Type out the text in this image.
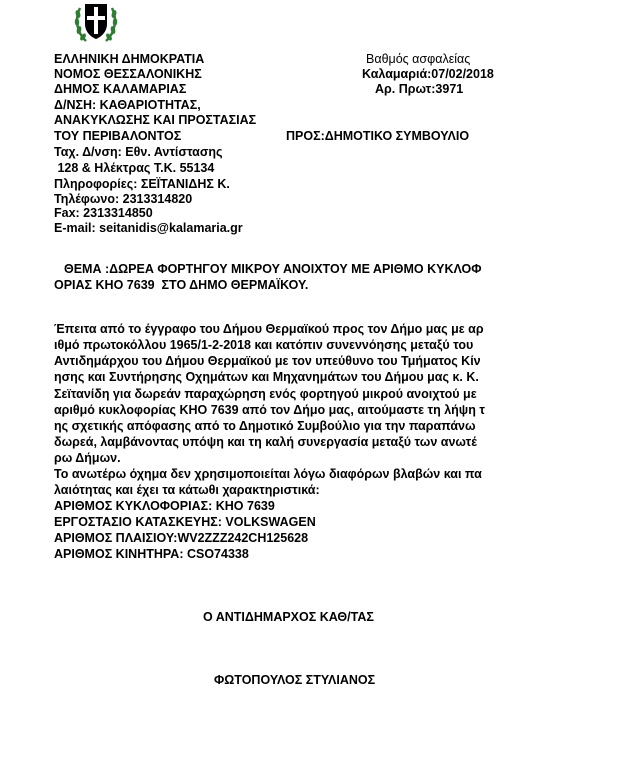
ΕΛΛΗΝΙΚΗ ΔΗΜΟΚΡΑΤΙΑ
ΝΟΜΟΣ ΘΕΣΣΑΛΟΝΙΚΗΣ
ΔΗΜΟΣ ΚΑΛΑΜΑΡΙΑΣ
Δ/ΝΣΗ: ΚΑΘΑΡΙΟΤΗΤΑΣ,
ΑΝΑΚΥΚΛΩΣΗΣ ΚΑΙ ΠΡΟΣΤΑΣΙΑΣ
ΤΟΥ ΠΕΡΙΒΑΛΟΝΤΟΣ
Βαθμός ασφαλείας
Καλαμαριά:07/02/2018
Αρ. Πρωτ:3971
ΠΡΟΣ:ΔΗΜΟΤΙΚΟ ΣΥΜΒΟΥΛΙΟ
Ταχ. Δ/νση: Εθν. Αντίστασης
128 & Ηλέκτρας Τ.Κ. 55134
Πληροφορίες: ΣΕΪΤΑΝΙΔΗΣ Κ.
Τηλέφωνο: 2313314820
Fax: 2313314850
E-mail: seitanidis@kalamaria.gr
ΘΕΜΑ :ΔΩΡΕΑ ΦΟΡΤΗΓΟΥ ΜΙΚΡΟΥ ΑΝΟΙΧΤΟΥ ΜΕ ΑΡΙΘΜΟ ΚΥΚΛΟΦ
ΟΡΙΑΣ ΚΗΟ 7639  ΣΤΟ ΔΗΜΟ ΘΕΡΜΑΪΚΟΥ.
Έπειτα από το έγγραφο του Δήμου Θερμαϊκού προς τον Δήμο μας με αρ
ιθμό πρωτοκόλλου 1965/1-2-2018 και κατόπιν συνεννόησης μεταξύ του
Αντιδημάρχου του Δήμου Θερμαϊκού με τον υπεύθυνο του Τμήματος Κίν
ησης και Συντήρησης Οχημάτων και Μηχανημάτων του Δήμου μας κ. Κ.
Σεϊτανίδη για δωρεάν παραχώρηση ενός φορτηγού μικρού ανοιχτού με
αριθμό κυκλοφορίας ΚΗΟ 7639 από τον Δήμο μας, αιτούμαστε τη λήψη τ
ης σχετικής απόφασης από το Δημοτικό Συμβούλιο για την παραπάνω
δωρεά, λαμβάνοντας υπόψη και τη καλή συνεργασία μεταξύ των ανωτέ
ρω Δήμων.
Το ανωτέρω όχημα δεν χρησιμοποιείται λόγω διαφόρων βλαβών και πα
λαιότητας και έχει τα κάτωθι χαρακτηριστικά:
ΑΡΙΘΜΟΣ ΚΥΚΛΟΦΟΡΙΑΣ: ΚΗΟ 7639
ΕΡΓΟΣΤΑΣΙΟ ΚΑΤΑΣΚΕΥΗΣ: VOLKSWAGEN
ΑΡΙΘΜΟΣ ΠΛΑΙΣΙΟΥ:WV2ZZZ242CH125628
ΑΡΙΘΜΟΣ ΚΙΝΗΤΗΡΑ: CSO74338
Ο ΑΝΤΙΔΗΜΑΡΧΟΣ ΚΑΘ/ΤΑΣ
ΦΩΤΟΠΟΥΛΟΣ ΣΤΥΛΙΑΝΟΣ
